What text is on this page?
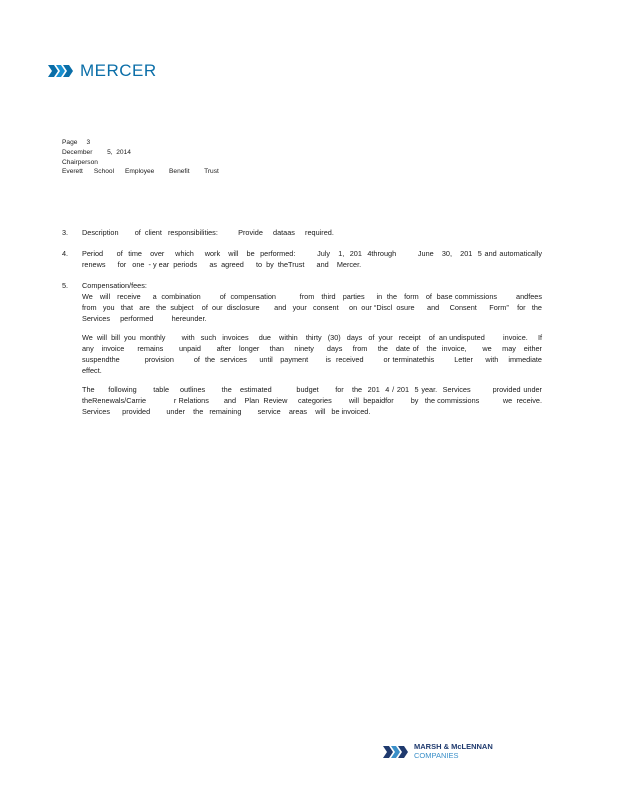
MERCER
Page     3
December        5,  2014
Chairperson
Everett      School      Employee        Benefit        Trust
3.	Description        of  client   responsibilities:          Provide     dataas     required.

4.	Period     of  time   over    which    work   will   be  performed:        July   1,  201  4through        June   30,   201  5 and automatically         renews      for   one  - y ear  periods      as  agreed      to  by  theTrust      and    Mercer.

5.	Compensation/fees:

We   will   receive     a  combination        of  compensation          from   third   parties     in  the   form   of  base commissions        andfees     from   you   that   are   the  subject    of  our  disclosure       and   your   consent     on  our “Discl  osure      and     Consent      Form”    for   the  Services     performed         hereunder.

We  will  bill  you  monthly        with   such   invoices     due    within    thirty   (30)   days   of  your   receipt    of  an undisputed         invoice.     If  any   invoice     remains      unpaid      after   longer    than    ninety     days    from    the   date of   the  invoice,      we    may   either   suspendthe          provision        of  the  services     until   payment       is  received        or terminatethis        Letter     with    immediate        effect.

The     following      table    outlines      the   estimated         budget      for   the  201  4 / 201  5 year.  Services        provided under    theRenewals/Carrie             r Relations       and    Plan  Review     categories        will  bepaidfor        by   the commissions           we  receive.     Services      provided        under    the   remaining        service    areas    will   be invoiced.

MARSH & McLENNAN
COMPANIES
